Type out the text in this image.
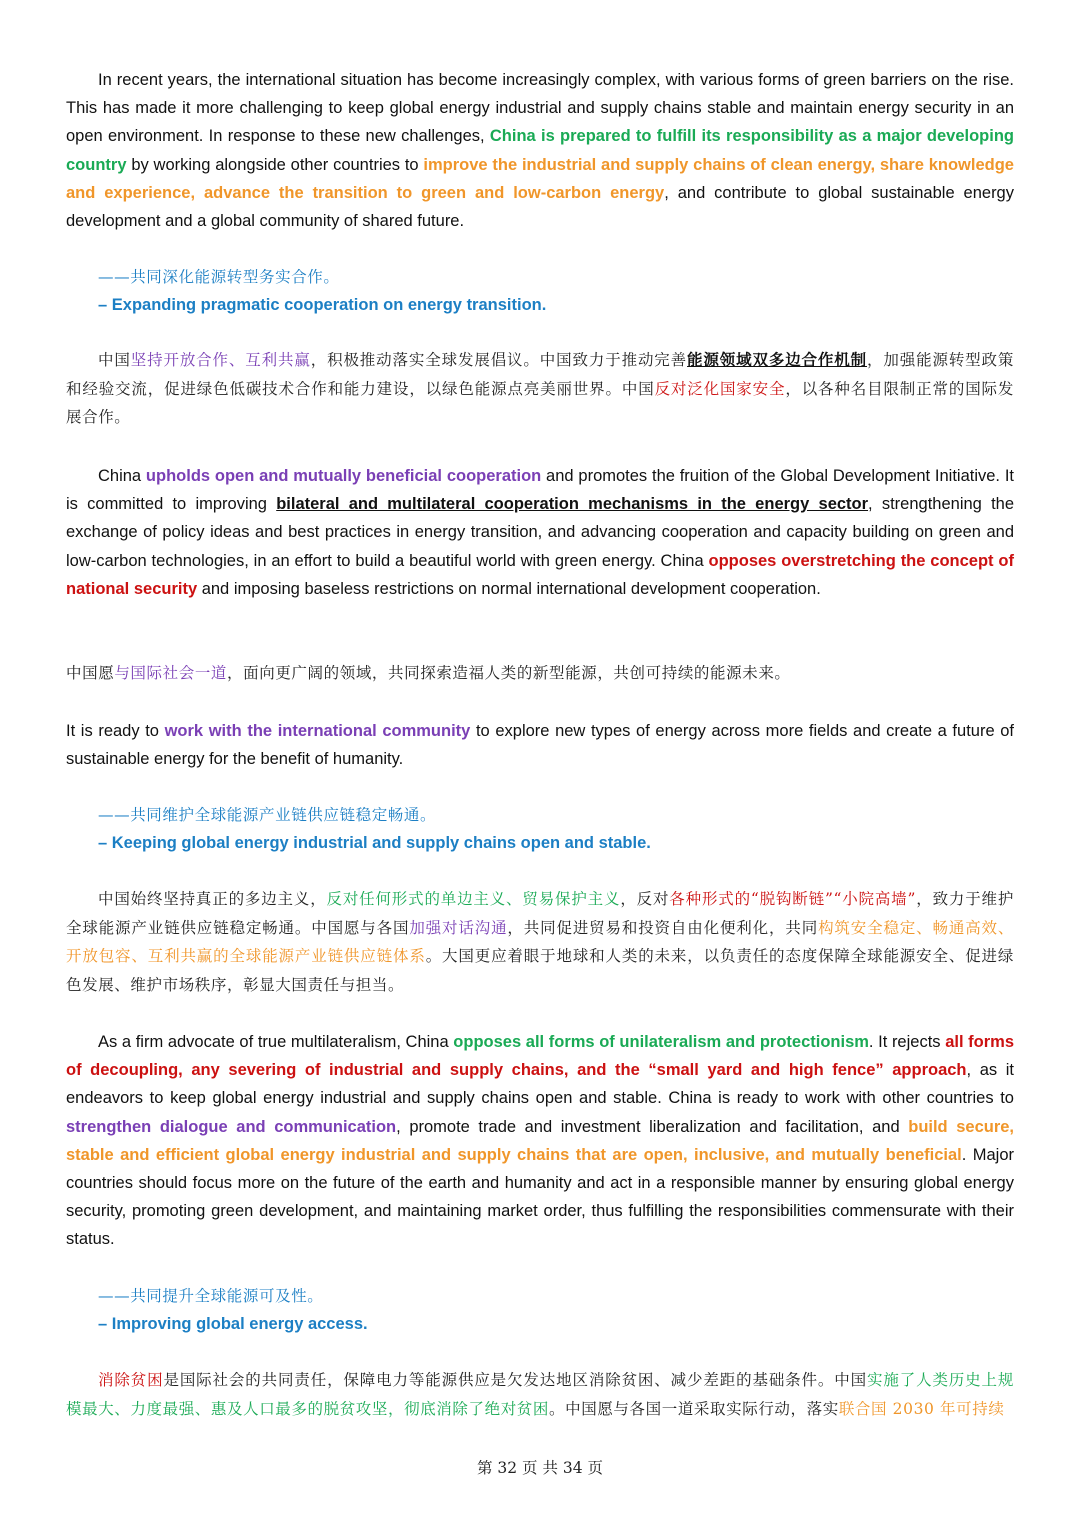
In recent years, the international situation has become increasingly complex, with various forms of green barriers on the rise. This has made it more challenging to keep global energy industrial and supply chains stable and maintain energy security in an open environment. In response to these new challenges, China is prepared to fulfill its responsibility as a major developing country by working alongside other countries to improve the industrial and supply chains of clean energy, share knowledge and experience, advance the transition to green and low-carbon energy, and contribute to global sustainable energy development and a global community of shared future.

——共同深化能源转型务实合作。

– Expanding pragmatic cooperation on energy transition.

中国坚持开放合作、互利共赢，积极推动落实全球发展倡议。中国致力于推动完善能源领域双多边合作机制，加强能源转型政策和经验交流，促进绿色低碳技术合作和能力建设，以绿色能源点亮美丽世界。中国反对泛化国家安全，以各种名目限制正常的国际发展合作。

China upholds open and mutually beneficial cooperation and promotes the fruition of the Global Development Initiative. It is committed to improving bilateral and multilateral cooperation mechanisms in the energy sector, strengthening the exchange of policy ideas and best practices in energy transition, and advancing cooperation and capacity building on green and low-carbon technologies, in an effort to build a beautiful world with green energy. China opposes overstretching the concept of national security and imposing baseless restrictions on normal international development cooperation.

中国愿与国际社会一道，面向更广阔的领域，共同探索造福人类的新型能源，共创可持续的能源未来。

It is ready to work with the international community to explore new types of energy across more fields and create a future of sustainable energy for the benefit of humanity.

——共同维护全球能源产业链供应链稳定畅通。

– Keeping global energy industrial and supply chains open and stable.

中国始终坚持真正的多边主义，反对任何形式的单边主义、贸易保护主义，反对各种形式的“脱钩断链”“小院高墙”，致力于维护全球能源产业链供应链稳定畅通。中国愿与各国加强对话沟通，共同促进贸易和投资自由化便利化，共同构筑安全稳定、畅通高效、开放包容、互利共赢的全球能源产业链供应链体系。大国更应着眼于地球和人类的未来，以负责任的态度保障全球能源安全、促进绿色发展、维护市场秩序，彰显大国责任与担当。

As a firm advocate of true multilateralism, China opposes all forms of unilateralism and protectionism. It rejects all forms of decoupling, any severing of industrial and supply chains, and the “small yard and high fence” approach, as it endeavors to keep global energy industrial and supply chains open and stable. China is ready to work with other countries to strengthen dialogue and communication, promote trade and investment liberalization and facilitation, and build secure, stable and efficient global energy industrial and supply chains that are open, inclusive, and mutually beneficial. Major countries should focus more on the future of the earth and humanity and act in a responsible manner by ensuring global energy security, promoting green development, and maintaining market order, thus fulfilling the responsibilities commensurate with their status.

——共同提升全球能源可及性。

– Improving global energy access.

消除贫困是国际社会的共同责任，保障电力等能源供应是欠发达地区消除贫困、减少差距的基础条件。中国实施了人类历史上规模最大、力度最强、惠及人口最多的脱贫攻坚，彻底消除了绝对贫困。中国愿与各国一道采取实际行动，落实联合国 2030 年可持续

第 32 页 共 34 页
